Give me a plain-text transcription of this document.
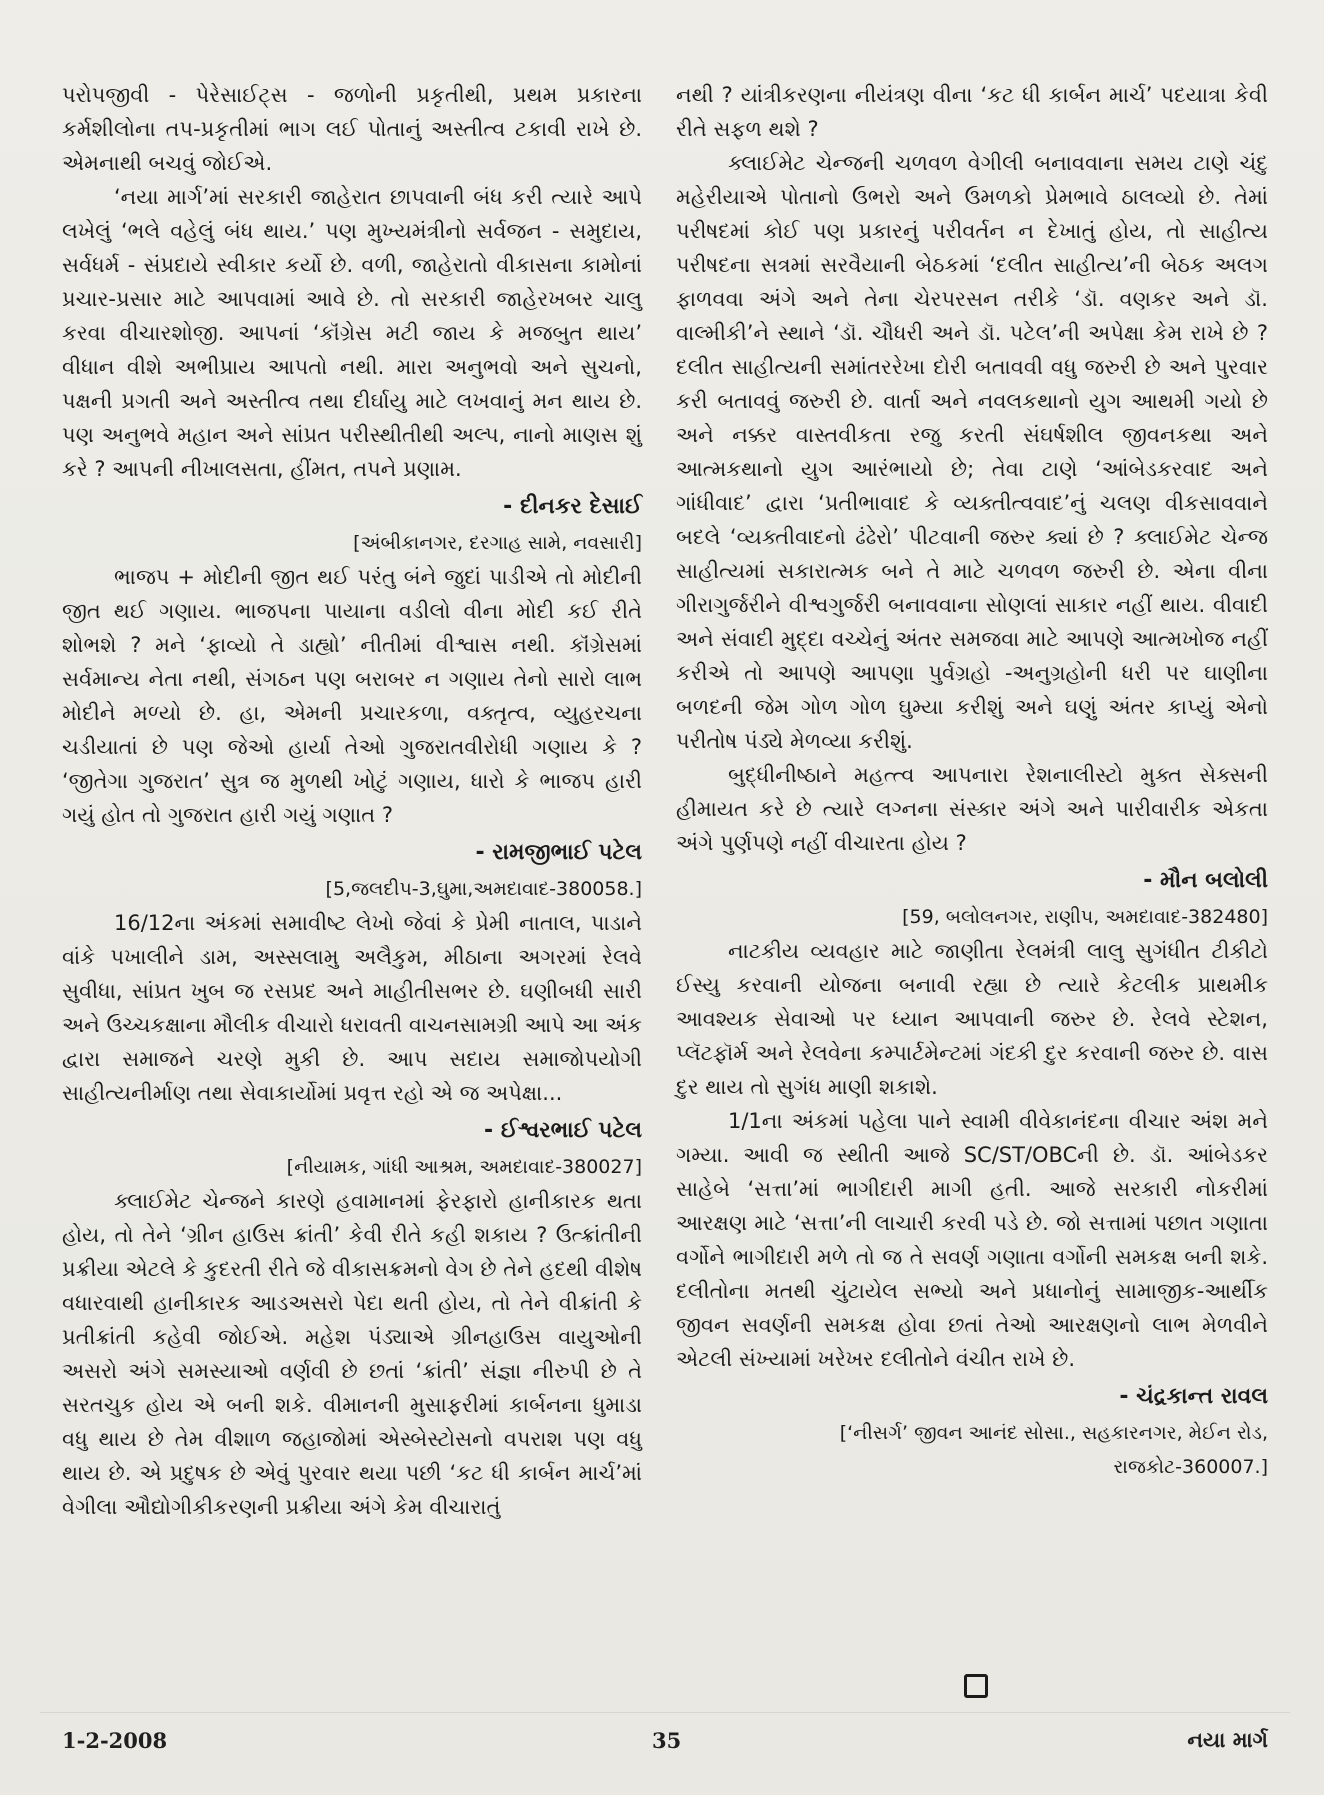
પરોપજીવી - પેરેસાઈટ્સ - જળોની પ્રકૃતીથી, પ્રથમ પ્રકારના કર્મશીલોના તપ-પ્રકૃતીમાં ભાગ લઈ પોતાનું અસ્તીત્વ ટકાવી રાખે છે. એમનાથી બચવું જોઈએ.

‘નયા માર્ગ’માં સરકારી જાહેરાત છાપવાની બંધ કરી ત્યારે આપે લખેલું ‘ભલે વહેલું બંધ થાય.’ પણ મુખ્યમંત્રીનો સર્વજન - સમુદાય, સર્વધર્મ - સંપ્રદાયે સ્વીકાર કર્યો છે. વળી, જાહેરાતો વીકાસના કામોનાં પ્રચાર-પ્રસાર માટે આપવામાં આવે છે. તો સરકારી જાહેરખબર ચાલુ કરવા વીચારશોજી. આપનાં ‘કૉંગ્રેસ મટી જાય કે મજબુત થાય’ વીધાન વીશે અભીપ્રાય આપતો નથી. મારા અનુભવો અને સુચનો, પક્ષની પ્રગતી અને અસ્તીત્વ તથા દીર્ઘાયુ માટે લખવાનું મન થાય છે. પણ અનુભવે મહાન અને સાંપ્રત પરીસ્થીતીથી અલ્પ, નાનો માણસ શું કરે ? આપની નીખાલસતા, હીંમત, તપને પ્રણામ.

- દીનકર દેસાઈ
[અંબીકાનગર, દરગાહ સામે, નવસારી]

ભાજપ + મોદીની જીત થઈ પરંતુ બંને જુદાં પાડીએ તો મોદીની જીત થઈ ગણાય. ભાજપના પાયાના વડીલો વીના મોદી કઈ રીતે શોભશે ? મને ‘ફાવ્યો તે ડાહ્યો’ નીતીમાં વીશ્વાસ નથી. કૉંગ્રેસમાં સર્વમાન્ય નેતા નથી, સંગઠન પણ બરાબર ન ગણાય તેનો સારો લાભ મોદીને મળ્યો છે. હા, એમની પ્રચારકળા, વક્તૃત્વ, વ્યુહરચના ચડીયાતાં છે પણ જેઓ હાર્યા તેઓ ગુજરાતવીરોધી ગણાય કે ? ‘જીતેગા ગુજરાત’ સુત્ર જ મુળથી ખોટું ગણાય, ધારો કે ભાજપ હારી ગયું હોત તો ગુજરાત હારી ગયું ગણાત ?

- રામજીભાઈ પટેલ
[5,જલદીપ-3,ઘુમા,અમદાવાદ-380058.]

16/12ના અંકમાં સમાવીષ્ટ લેખો જેવાં કે પ્રેમી નાતાલ, પાડાને વાંકે પખાલીને ડામ, અસ્સલામુ અલૈકુમ, મીઠાના અગરમાં રેલવે સુવીધા, સાંપ્રત ખુબ જ રસપ્રદ અને માહીતીસભર છે. ઘણીબધી સારી અને ઉચ્ચકક્ષાના મૌલીક વીચારો ધરાવતી વાચનસામગ્રી આપે આ અંક દ્વારા સમાજને ચરણે મુકી છે. આપ સદાય સમાજોપયોગી સાહીત્યનીર્માણ તથા સેવાકાર્યોમાં પ્રવૃત્ત રહો એ જ અપેક્ષા...

- ઈશ્વરભાઈ પટેલ
[નીયામક, ગાંધી આશ્રમ, અમદાવાદ-380027]

ક્લાઈમેટ ચેન્જને કારણે હવામાનમાં ફેરફારો હાનીકારક થતા હોય, તો તેને ‘ગ્રીન હાઉસ ક્રાંતી’ કેવી રીતે કહી શકાય ? ઉત્ક્રાંતીની પ્રક્રીયા એટલે કે કુદરતી રીતે જે વીકાસક્રમનો વેગ છે તેને હદથી વીશેષ વધારવાથી હાનીકારક આડઅસરો પેદા થતી હોય, તો તેને વીક્રાંતી કે પ્રતીક્રાંતી કહેવી જોઈએ. મહેશ પંડ્યાએ ગ્રીનહાઉસ વાયુઓની અસરો અંગે સમસ્યાઓ વર્ણવી છે છતાં ‘ક્રાંતી’ સંજ્ઞા નીરુપી છે તે સરતચુક હોય એ બની શકે. વીમાનની મુસાફરીમાં કાર્બનના ધુમાડા વધુ થાય છે તેમ વીશાળ જહાજોમાં એસ્બેસ્ટોસનો વપરાશ પણ વધુ થાય છે. એ પ્રદુષક છે એવું પુરવાર થયા પછી ‘કટ ધી કાર્બન માર્ચ’માં વેગીલા ઔદ્યોગીકીકરણની પ્રક્રીયા અંગે કેમ વીચારાતું

નથી ? યાંત્રીકરણના નીયંત્રણ વીના ‘કટ ધી કાર્બન માર્ચ’ પદયાત્રા કેવી રીતે સફળ થશે ?

ક્લાઈમેટ ચેન્જની ચળવળ વેગીલી બનાવવાના સમય ટાણે ચંદુ મહેરીયાએ પોતાનો ઉભરો અને ઉમળકો પ્રેમભાવે ઠાલવ્યો છે. તેમાં પરીષદમાં કોઈ પણ પ્રકારનું પરીવર્તન ન દેખાતું હોય, તો સાહીત્ય પરીષદના સત્રમાં સરવૈયાની બેઠકમાં ‘દલીત સાહીત્ય’ની બેઠક અલગ ફાળવવા અંગે અને તેના ચેરપરસન તરીકે ‘ડૉ. વણકર અને ડૉ. વાલ્મીકી’ને સ્થાને ‘ડૉ. ચૌધરી અને ડૉ. પટેલ’ની અપેક્ષા કેમ રાખે છે ? દલીત સાહીત્યની સમાંતરરેખા દોરી બતાવવી વધુ જરુરી છે અને પુરવાર કરી બતાવવું જરુરી છે. વાર્તા અને નવલકથાનો યુગ આથમી ગયો છે અને નક્કર વાસ્તવીકતા રજુ કરતી સંઘર્ષશીલ જીવનકથા અને આત્મકથાનો યુગ આરંભાયો છે; તેવા ટાણે ‘આંબેડકરવાદ અને ગાંધીવાદ’ દ્વારા ‘પ્રતીભાવાદ કે વ્યક્તીત્વવાદ’નું ચલણ વીકસાવવાને બદલે ‘વ્યક્તીવાદનો ઢંઢેરો’ પીટવાની જરુર ક્યાં છે ? ક્લાઈમેટ ચેન્જ સાહીત્યમાં સકારાત્મક બને તે માટે ચળવળ જરુરી છે. એના વીના ગીરાગુર્જરીને વીશ્વગુર્જરી બનાવવાના સોણલાં સાકાર નહીં થાય. વીવાદી અને સંવાદી મુદ્દા વચ્ચેનું અંતર સમજવા માટે આપણે આત્મખોજ નહીં કરીએ તો આપણે આપણા પુર્વગ્રહો -અનુગ્રહોની ધરી પર ઘાણીના બળદની જેમ ગોળ ગોળ ઘુમ્યા કરીશું અને ઘણું અંતર કાપ્યું એનો પરીતોષ પંડ્યે મેળવ્યા કરીશું.

બુદ્ધીનીષ્ઠાને મહત્ત્વ આપનારા રેશનાલીસ્ટો મુક્ત સેક્સની હીમાયત કરે છે ત્યારે લગ્નના સંસ્કાર અંગે અને પારીવારીક એકતા અંગે પુર્ણપણે નહીં વીચારતા હોય ?

- મૌન બલોલી
[59, બલોલનગર, રાણીપ, અમદાવાદ-382480]

નાટકીય વ્યવહાર માટે જાણીતા રેલમંત્રી લાલુ સુગંધીત ટીકીટો ઈસ્યુ કરવાની યોજના બનાવી રહ્યા છે ત્યારે કેટલીક પ્રાથમીક આવશ્યક સેવાઓ પર ધ્યાન આપવાની જરુર છે. રેલવે સ્ટેશન, પ્લૅટફૉર્મ અને રેલવેના કમ્પાર્ટમેન્ટમાં ગંદકી દુર કરવાની જરુર છે. વાસ દુર થાય તો સુગંધ માણી શકાશે.

1/1ના અંકમાં પહેલા પાને સ્વામી વીવેકાનંદના વીચાર અંશ મને ગમ્યા. આવી જ સ્થીતી આજે SC/ST/OBCની છે. ડૉ. આંબેડકર સાહેબે ‘સત્તા’માં ભાગીદારી માગી હતી. આજે સરકારી નોકરીમાં આરક્ષણ માટે ‘સત્તા’ની લાચારી કરવી પડે છે. જો સત્તામાં પછાત ગણાતા વર્ગોને ભાગીદારી મળે તો જ તે સવર્ણ ગણાતા વર્ગોની સમકક્ષ બની શકે. દલીતોના મતથી ચુંટાયેલ સભ્યો અને પ્રધાનોનું સામાજીક-આર્થીક જીવન સવર્ણની સમકક્ષ હોવા છતાં તેઓ આરક્ષણનો લાભ મેળવીને એટલી સંખ્યામાં ખરેખર દલીતોને વંચીત રાખે છે.

- ચંદ્રકાન્ત રાવલ
[‘નીસર્ગ’ જીવન આનંદ સોસા., સહકારનગર, મેઈન રોડ,
રાજકોટ-360007.]
1-2-2008	35	નયા માર્ગ
